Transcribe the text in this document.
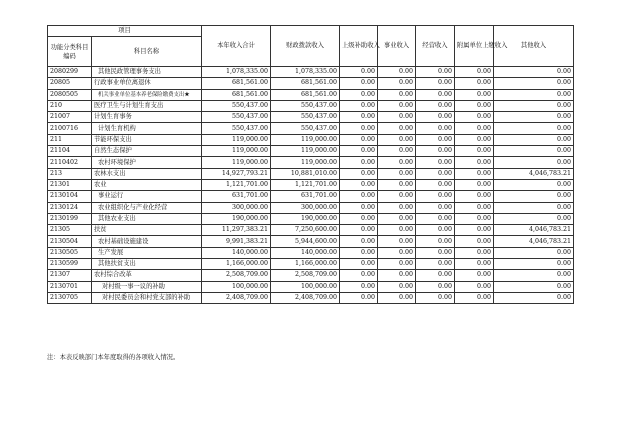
项目		本年收入合计	财政拨款收入	上级补助收入	事业收入	经营收入	附属单位上缴收入	其他收入
功能分类科目编码	科目名称							
2080299	其他民政管理事务支出	1,078,335.00	1,078,335.00	0.00	0.00	0.00	0.00	0.00
20805	行政事业单位离退休	681,561.00	681,561.00	0.00	0.00	0.00	0.00	0.00
2080505	机关事业单位基本养老保险缴费支出★	681,561.00	681,561.00	0.00	0.00	0.00	0.00	0.00
210	医疗卫生与计划生育支出	550,437.00	550,437.00	0.00	0.00	0.00	0.00	0.00
21007	计划生育事务	550,437.00	550,437.00	0.00	0.00	0.00	0.00	0.00
2100716	计划生育机构	550,437.00	550,437.00	0.00	0.00	0.00	0.00	0.00
211	节能环保支出	119,000.00	119,000.00	0.00	0.00	0.00	0.00	0.00
21104	自然生态保护	119,000.00	119,000.00	0.00	0.00	0.00	0.00	0.00
2110402	农村环境保护	119,000.00	119,000.00	0.00	0.00	0.00	0.00	0.00
213	农林水支出	14,927,793.21	10,881,010.00	0.00	0.00	0.00	0.00	4,046,783.21
21301	农业	1,121,701.00	1,121,701.00	0.00	0.00	0.00	0.00	0.00
2130104	事业运行	631,701.00	631,701.00	0.00	0.00	0.00	0.00	0.00
2130124	农业组织化与产业化经营	300,000.00	300,000.00	0.00	0.00	0.00	0.00	0.00
2130199	其他农业支出	190,000.00	190,000.00	0.00	0.00	0.00	0.00	0.00
21305	扶贫	11,297,383.21	7,250,600.00	0.00	0.00	0.00	0.00	4,046,783.21
2130504	农村基础设施建设	9,991,383.21	5,944,600.00	0.00	0.00	0.00	0.00	4,046,783.21
2130505	生产发展	140,000.00	140,000.00	0.00	0.00	0.00	0.00	0.00
2130599	其他扶贫支出	1,166,000.00	1,166,000.00	0.00	0.00	0.00	0.00	0.00
21307	农村综合改革	2,508,709.00	2,508,709.00	0.00	0.00	0.00	0.00	0.00
2130701	对村级一事一议的补助	100,000.00	100,000.00	0.00	0.00	0.00	0.00	0.00
2130705	对村民委员会和村党支部的补助	2,408,709.00	2,408,709.00	0.00	0.00	0.00	0.00	0.00
注：本表反映部门本年度取得的各项收入情况。
